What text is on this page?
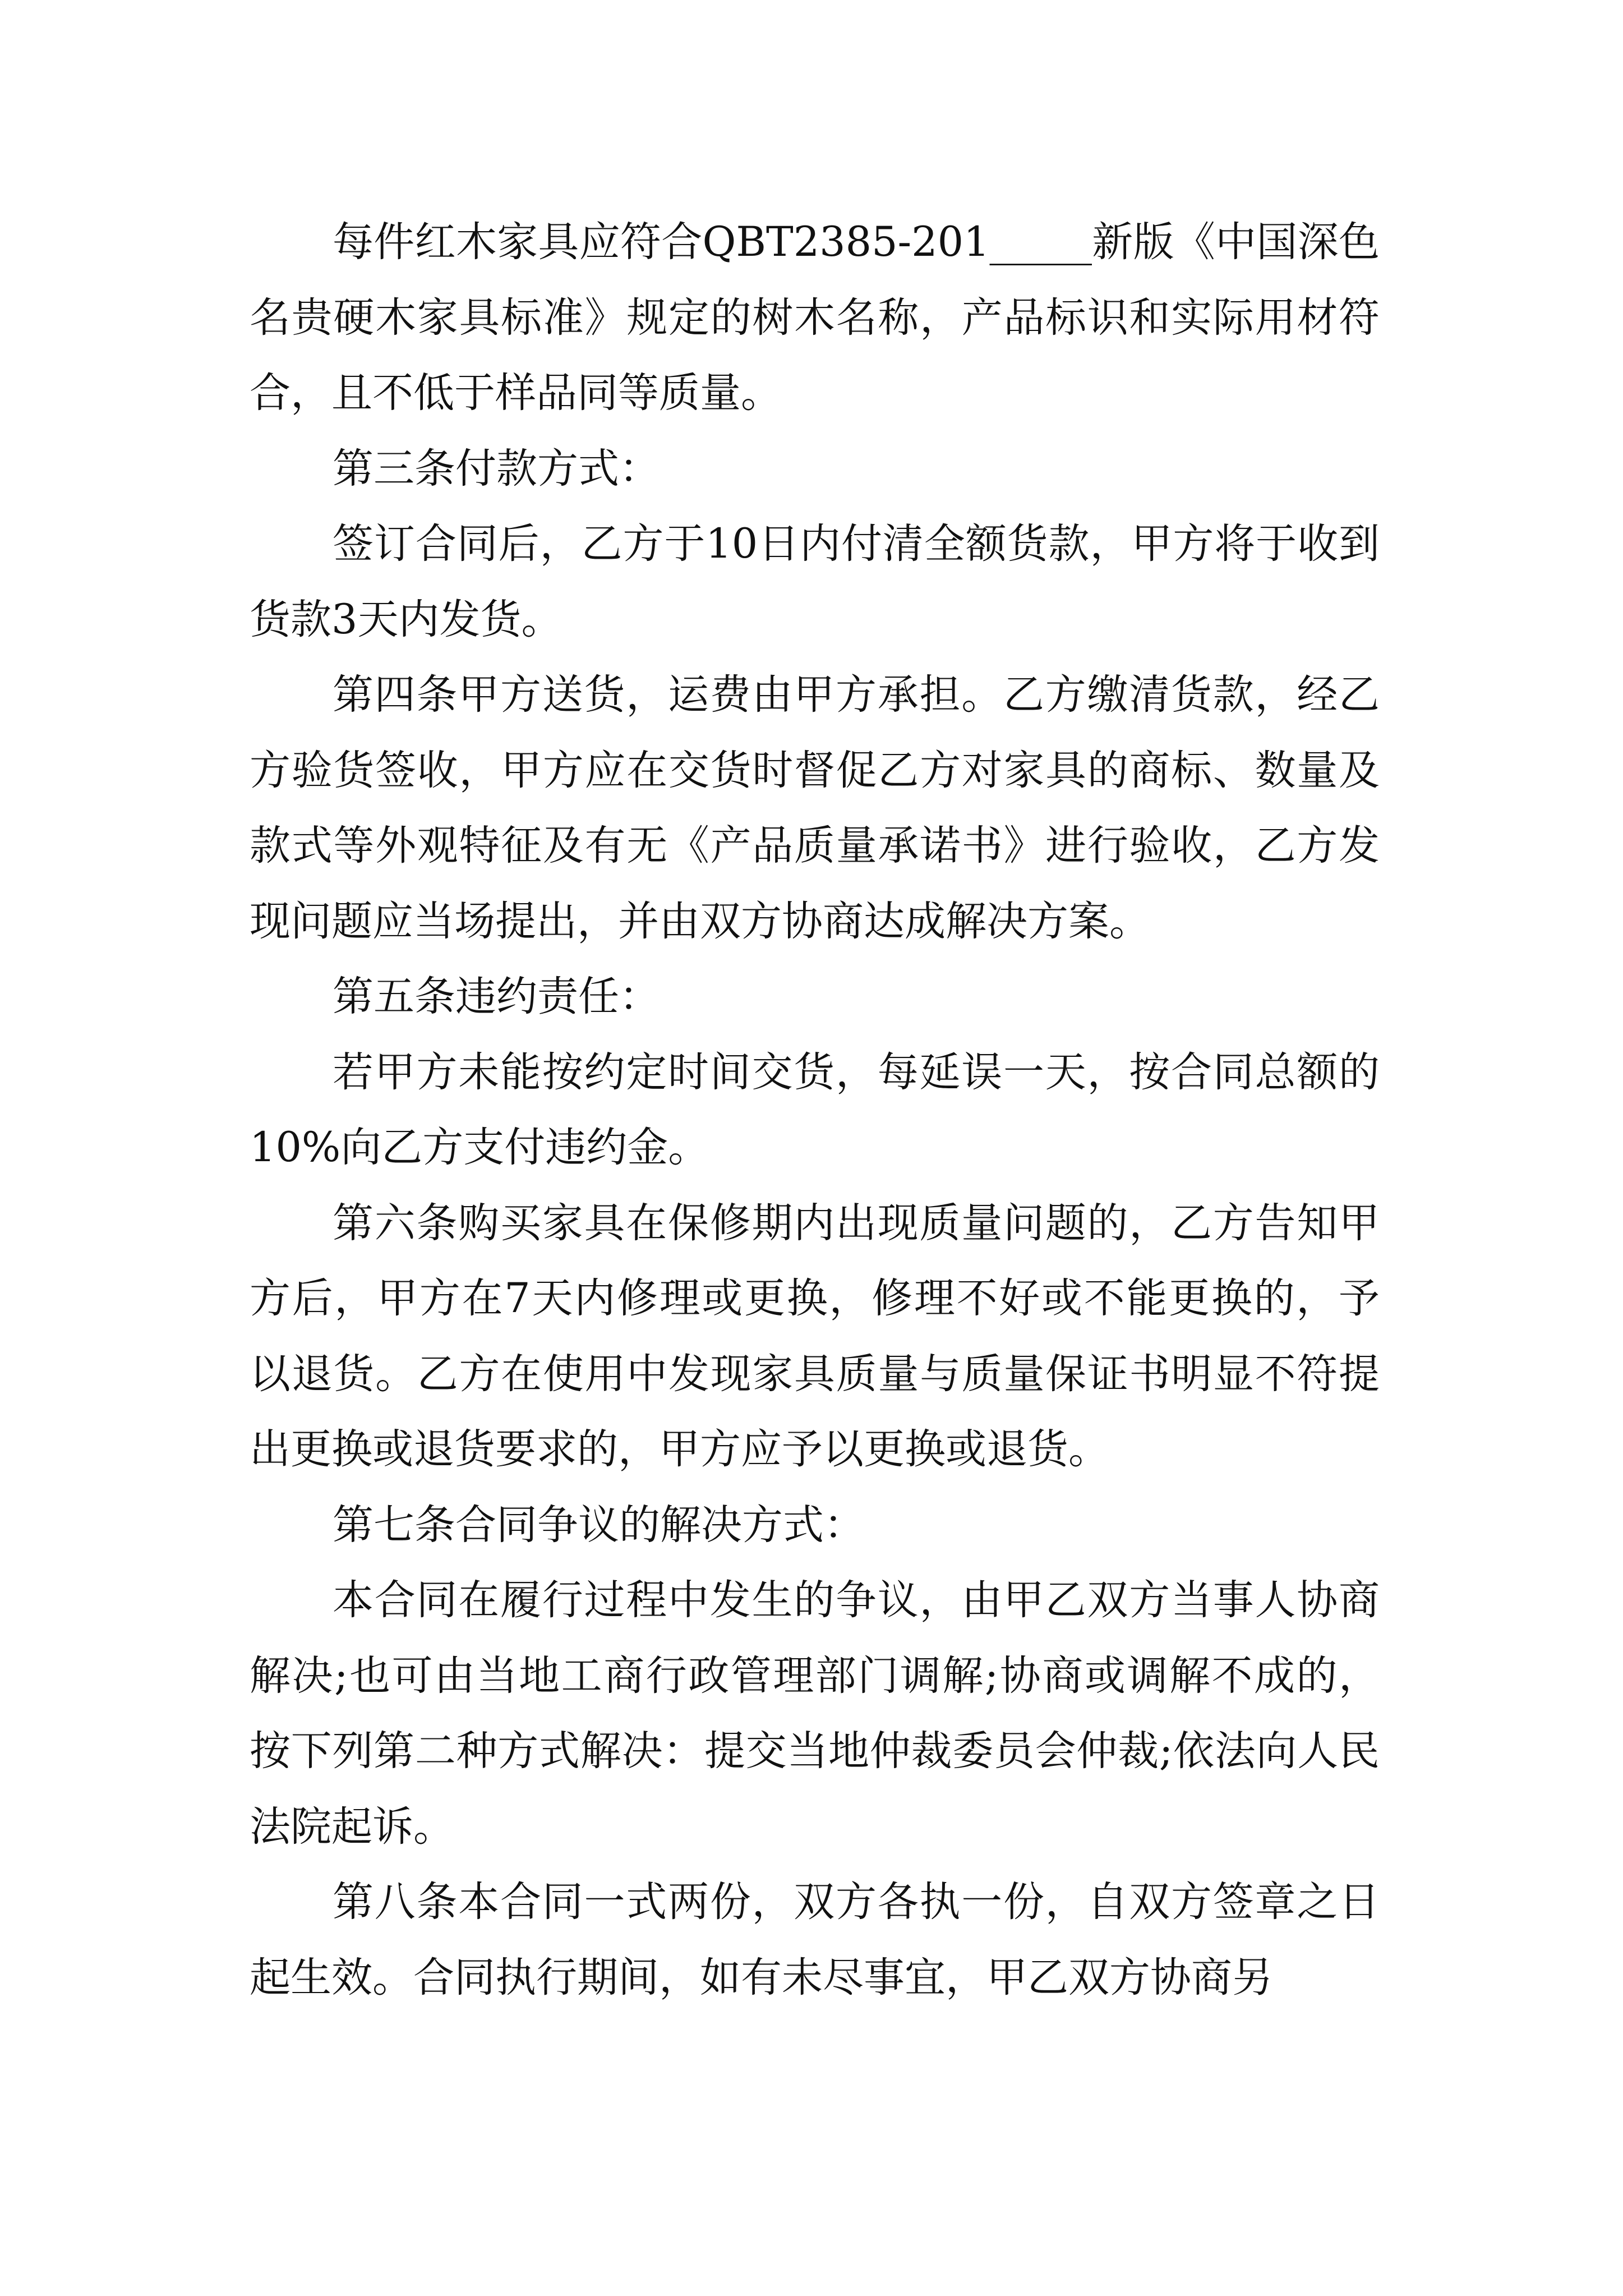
每件红木家具应符合QBT2385-201_____新版《中国深色名贵硬木家具标准》规定的树木名称，产品标识和实际用材符合，且不低于样品同等质量。

第三条付款方式：

签订合同后，乙方于10日内付清全额货款，甲方将于收到货款3天内发货。

第四条甲方送货，运费由甲方承担。乙方缴清货款，经乙方验货签收，甲方应在交货时督促乙方对家具的商标、数量及款式等外观特征及有无《产品质量承诺书》进行验收，乙方发现问题应当场提出，并由双方协商达成解决方案。

第五条违约责任：

若甲方未能按约定时间交货，每延误一天，按合同总额的10%向乙方支付违约金。

第六条购买家具在保修期内出现质量问题的，乙方告知甲方后，甲方在7天内修理或更换，修理不好或不能更换的，予以退货。乙方在使用中发现家具质量与质量保证书明显不符提出更换或退货要求的，甲方应予以更换或退货。

第七条合同争议的解决方式：

本合同在履行过程中发生的争议，由甲乙双方当事人协商解决;也可由当地工商行政管理部门调解;协商或调解不成的，按下列第二种方式解决：提交当地仲裁委员会仲裁;依法向人民法院起诉。

第八条本合同一式两份，双方各执一份，自双方签章之日起生效。合同执行期间，如有未尽事宜，甲乙双方协商另
